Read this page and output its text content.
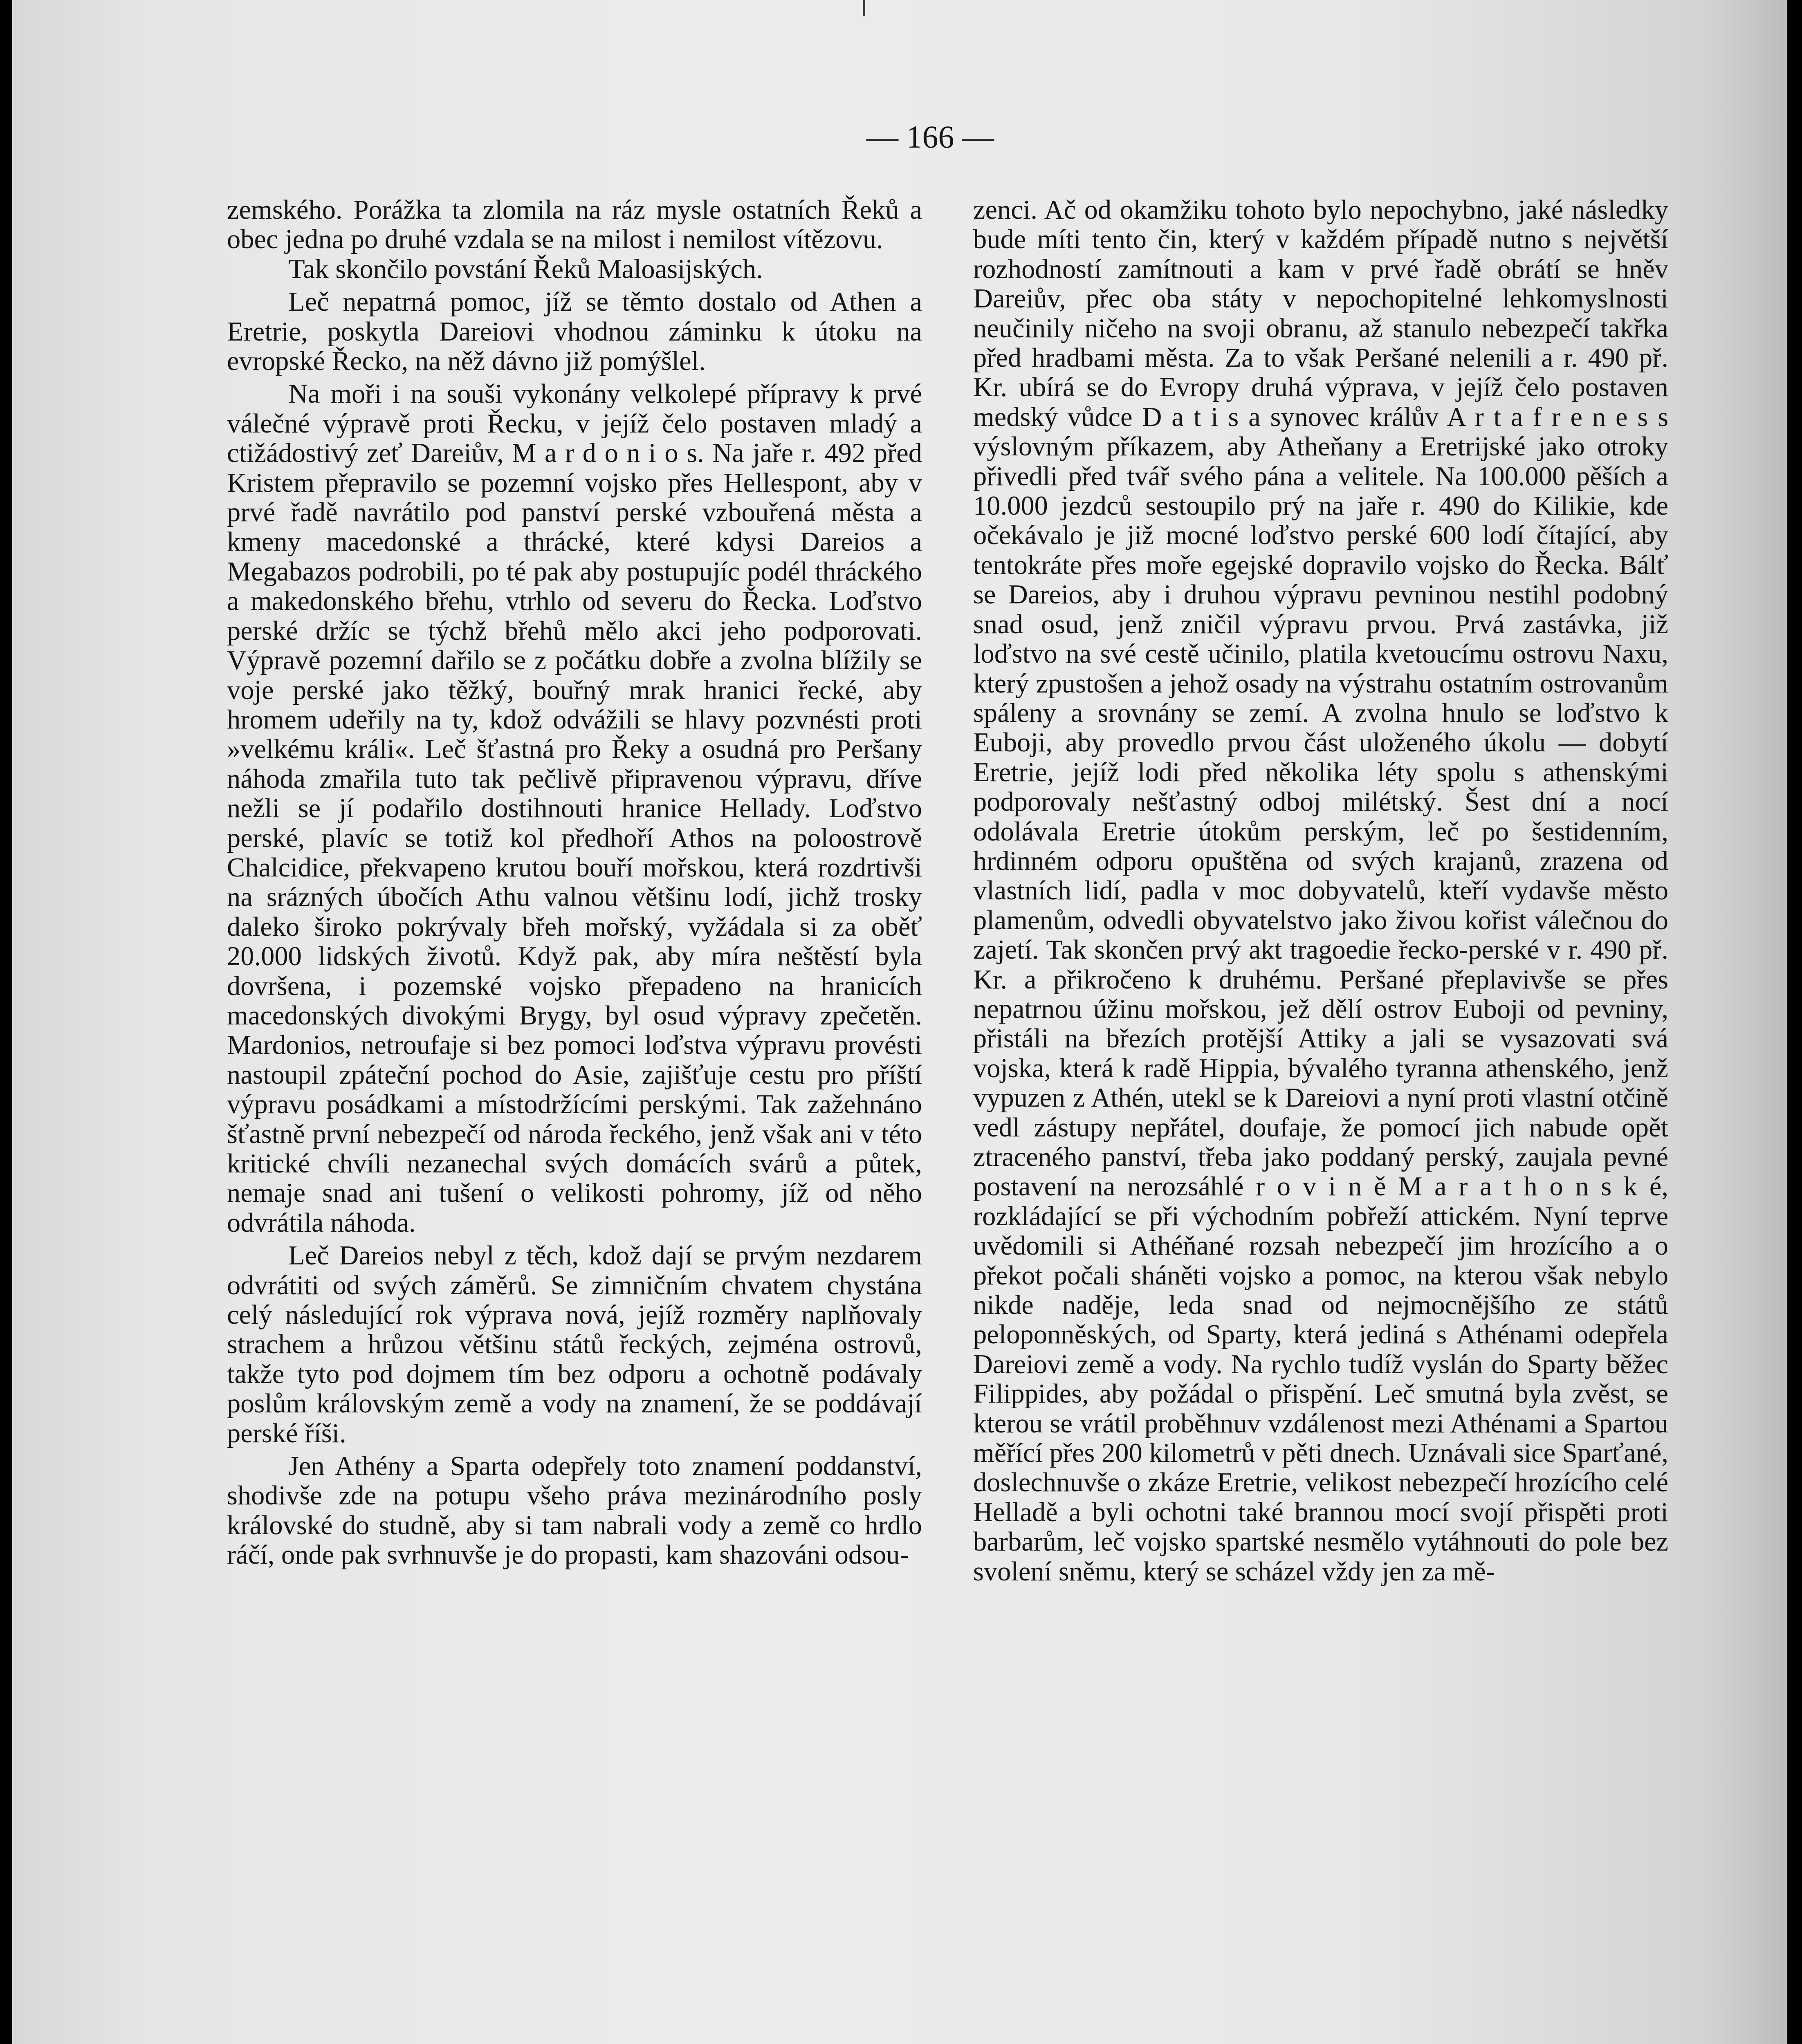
— 166 —

zemského. Porážka ta zlomila na ráz mysle ostatních Řeků a obec jedna po druhé vzdala se na milost i nemilost vítězovu.

Tak skončilo povstání Řeků Maloasijských.

Leč nepatrná pomoc, jíž se těmto dostalo od Athen a Eretrie, poskytla Dareiovi vhodnou záminku k útoku na evropské Řecko, na něž dávno již pomýšlel.

Na moři i na souši vykonány velkolepé přípravy k prvé válečné výpravě proti Řecku, v jejíž čelo postaven mladý a ctižádostivý zeť Dareiův, M a r d o n i o s. Na jaře r. 492 před Kristem přepravilo se pozemní vojsko přes Hellespont, aby v prvé řadě navrátilo pod panství perské vzbouřená města a kmeny macedonské a thrácké, které kdysi Dareios a Megabazos podrobili, po té pak aby postupujíc podél thráckého a makedonského břehu, vtrhlo od severu do Řecka. Loďstvo perské držíc se týchž břehů mělo akci jeho podporovati. Výpravě pozemní dařilo se z počátku dobře a zvolna blížily se voje perské jako těžký, bouřný mrak hranici řecké, aby hromem udeřily na ty, kdož odvážili se hlavy pozvnésti proti »velkému králi«. Leč šťastná pro Řeky a osudná pro Peršany náhoda zmařila tuto tak pečlivě připravenou výpravu, dříve nežli se jí podařilo dostihnouti hranice Hellady. Loďstvo perské, plavíc se totiž kol předhoří Athos na poloostrově Chalcidice, překvapeno krutou bouří mořskou, která rozdrtivši na srázných úbočích Athu valnou většinu lodí, jichž trosky daleko široko pokrývaly břeh mořský, vyžádala si za oběť 20.000 lidských životů. Když pak, aby míra neštěstí byla dovršena, i pozemské vojsko přepadeno na hranicích macedonských divokými Brygy, byl osud výpravy zpečetěn. Mardonios, netroufaje si bez pomoci loďstva výpravu provésti nastoupil zpáteční pochod do Asie, zajišťuje cestu pro příští výpravu posádkami a místodržícími perskými. Tak zažehnáno šťastně první nebezpečí od národa řeckého, jenž však ani v této kritické chvíli nezanechal svých domácích svárů a půtek, nemaje snad ani tušení o velikosti pohromy, jíž od něho odvrátila náhoda.

Leč Dareios nebyl z těch, kdož dají se prvým nezdarem odvrátiti od svých záměrů. Se zimničním chvatem chystána celý následující rok výprava nová, jejíž rozměry naplňovaly strachem a hrůzou většinu států řeckých, zejména ostrovů, takže tyto pod dojmem tím bez odporu a ochotně podávaly poslům královským země a vody na znamení, že se poddávají perské říši.

Jen Athény a Sparta odepřely toto znamení poddanství, shodivše zde na potupu všeho práva mezinárodního posly královské do studně, aby si tam nabrali vody a země co hrdlo ráčí, onde pak svrhnuvše je do propasti, kam shazováni odsou-

zenci. Ač od okamžiku tohoto bylo nepochybno, jaké následky bude míti tento čin, který v každém případě nutno s největší rozhodností zamítnouti a kam v prvé řadě obrátí se hněv Dareiův, přec oba státy v nepochopitelné lehkomyslnosti neučinily ničeho na svoji obranu, až stanulo nebezpečí takřka před hradbami města. Za to však Peršané nelenili a r. 490 př. Kr. ubírá se do Evropy druhá výprava, v jejíž čelo postaven medský vůdce D a t i s a synovec králův A r t a f r e n e s s výslovným příkazem, aby Atheňany a Eretrijské jako otroky přivedli před tvář svého pána a velitele. Na 100.000 pěších a 10.000 jezdců sestoupilo prý na jaře r. 490 do Kilikie, kde očekávalo je již mocné loďstvo perské 600 lodí čítající, aby tentokráte přes moře egejské dopravilo vojsko do Řecka. Bálť se Dareios, aby i druhou výpravu pevninou nestihl podobný snad osud, jenž zničil výpravu prvou. Prvá zastávka, již loďstvo na své cestě učinilo, platila kvetoucímu ostrovu Naxu, který zpustošen a jehož osady na výstrahu ostatním ostrovanům spáleny a srovnány se zemí. A zvolna hnulo se loďstvo k Euboji, aby provedlo prvou část uloženého úkolu — dobytí Eretrie, jejíž lodi před několika léty spolu s athenskými podporovaly nešťastný odboj milétský. Šest dní a nocí odolávala Eretrie útokům perským, leč po šestidenním, hrdinném odporu opuštěna od svých krajanů, zrazena od vlastních lidí, padla v moc dobyvatelů, kteří vydavše město plamenům, odvedli obyvatelstvo jako živou kořist válečnou do zajetí. Tak skončen prvý akt tragoedie řecko-perské v r. 490 př. Kr. a přikročeno k druhému. Peršané přeplavivše se přes nepatrnou úžinu mořskou, jež dělí ostrov Euboji od pevniny, přistáli na březích protější Attiky a jali se vysazovati svá vojska, která k radě Hippia, bývalého tyranna athenského, jenž vypuzen z Athén, utekl se k Dareiovi a nyní proti vlastní otčině vedl zástupy nepřátel, doufaje, že pomocí jich nabude opět ztraceného panství, třeba jako poddaný perský, zaujala pevné postavení na nerozsáhlé r o v i n ě M a r a t h o n s k é, rozkládající se při východním pobřeží attickém. Nyní teprve uvědomili si Athéňané rozsah nebezpečí jim hrozícího a o překot počali sháněti vojsko a pomoc, na kterou však nebylo nikde naděje, leda snad od nejmocnějšího ze států peloponněských, od Sparty, která jediná s Athénami odepřela Dareiovi země a vody. Na rychlo tudíž vyslán do Sparty běžec Filippides, aby požádal o přispění. Leč smutná byla zvěst, se kterou se vrátil proběhnuv vzdálenost mezi Athénami a Spartou měřící přes 200 kilometrů v pěti dnech. Uznávali sice Sparťané, doslechnuvše o zkáze Eretrie, velikost nebezpečí hrozícího celé Helladě a byli ochotni také brannou mocí svojí přispěti proti barbarům, leč vojsko spartské nesmělo vytáhnouti do pole bez svolení sněmu, který se scházel vždy jen za mě-
